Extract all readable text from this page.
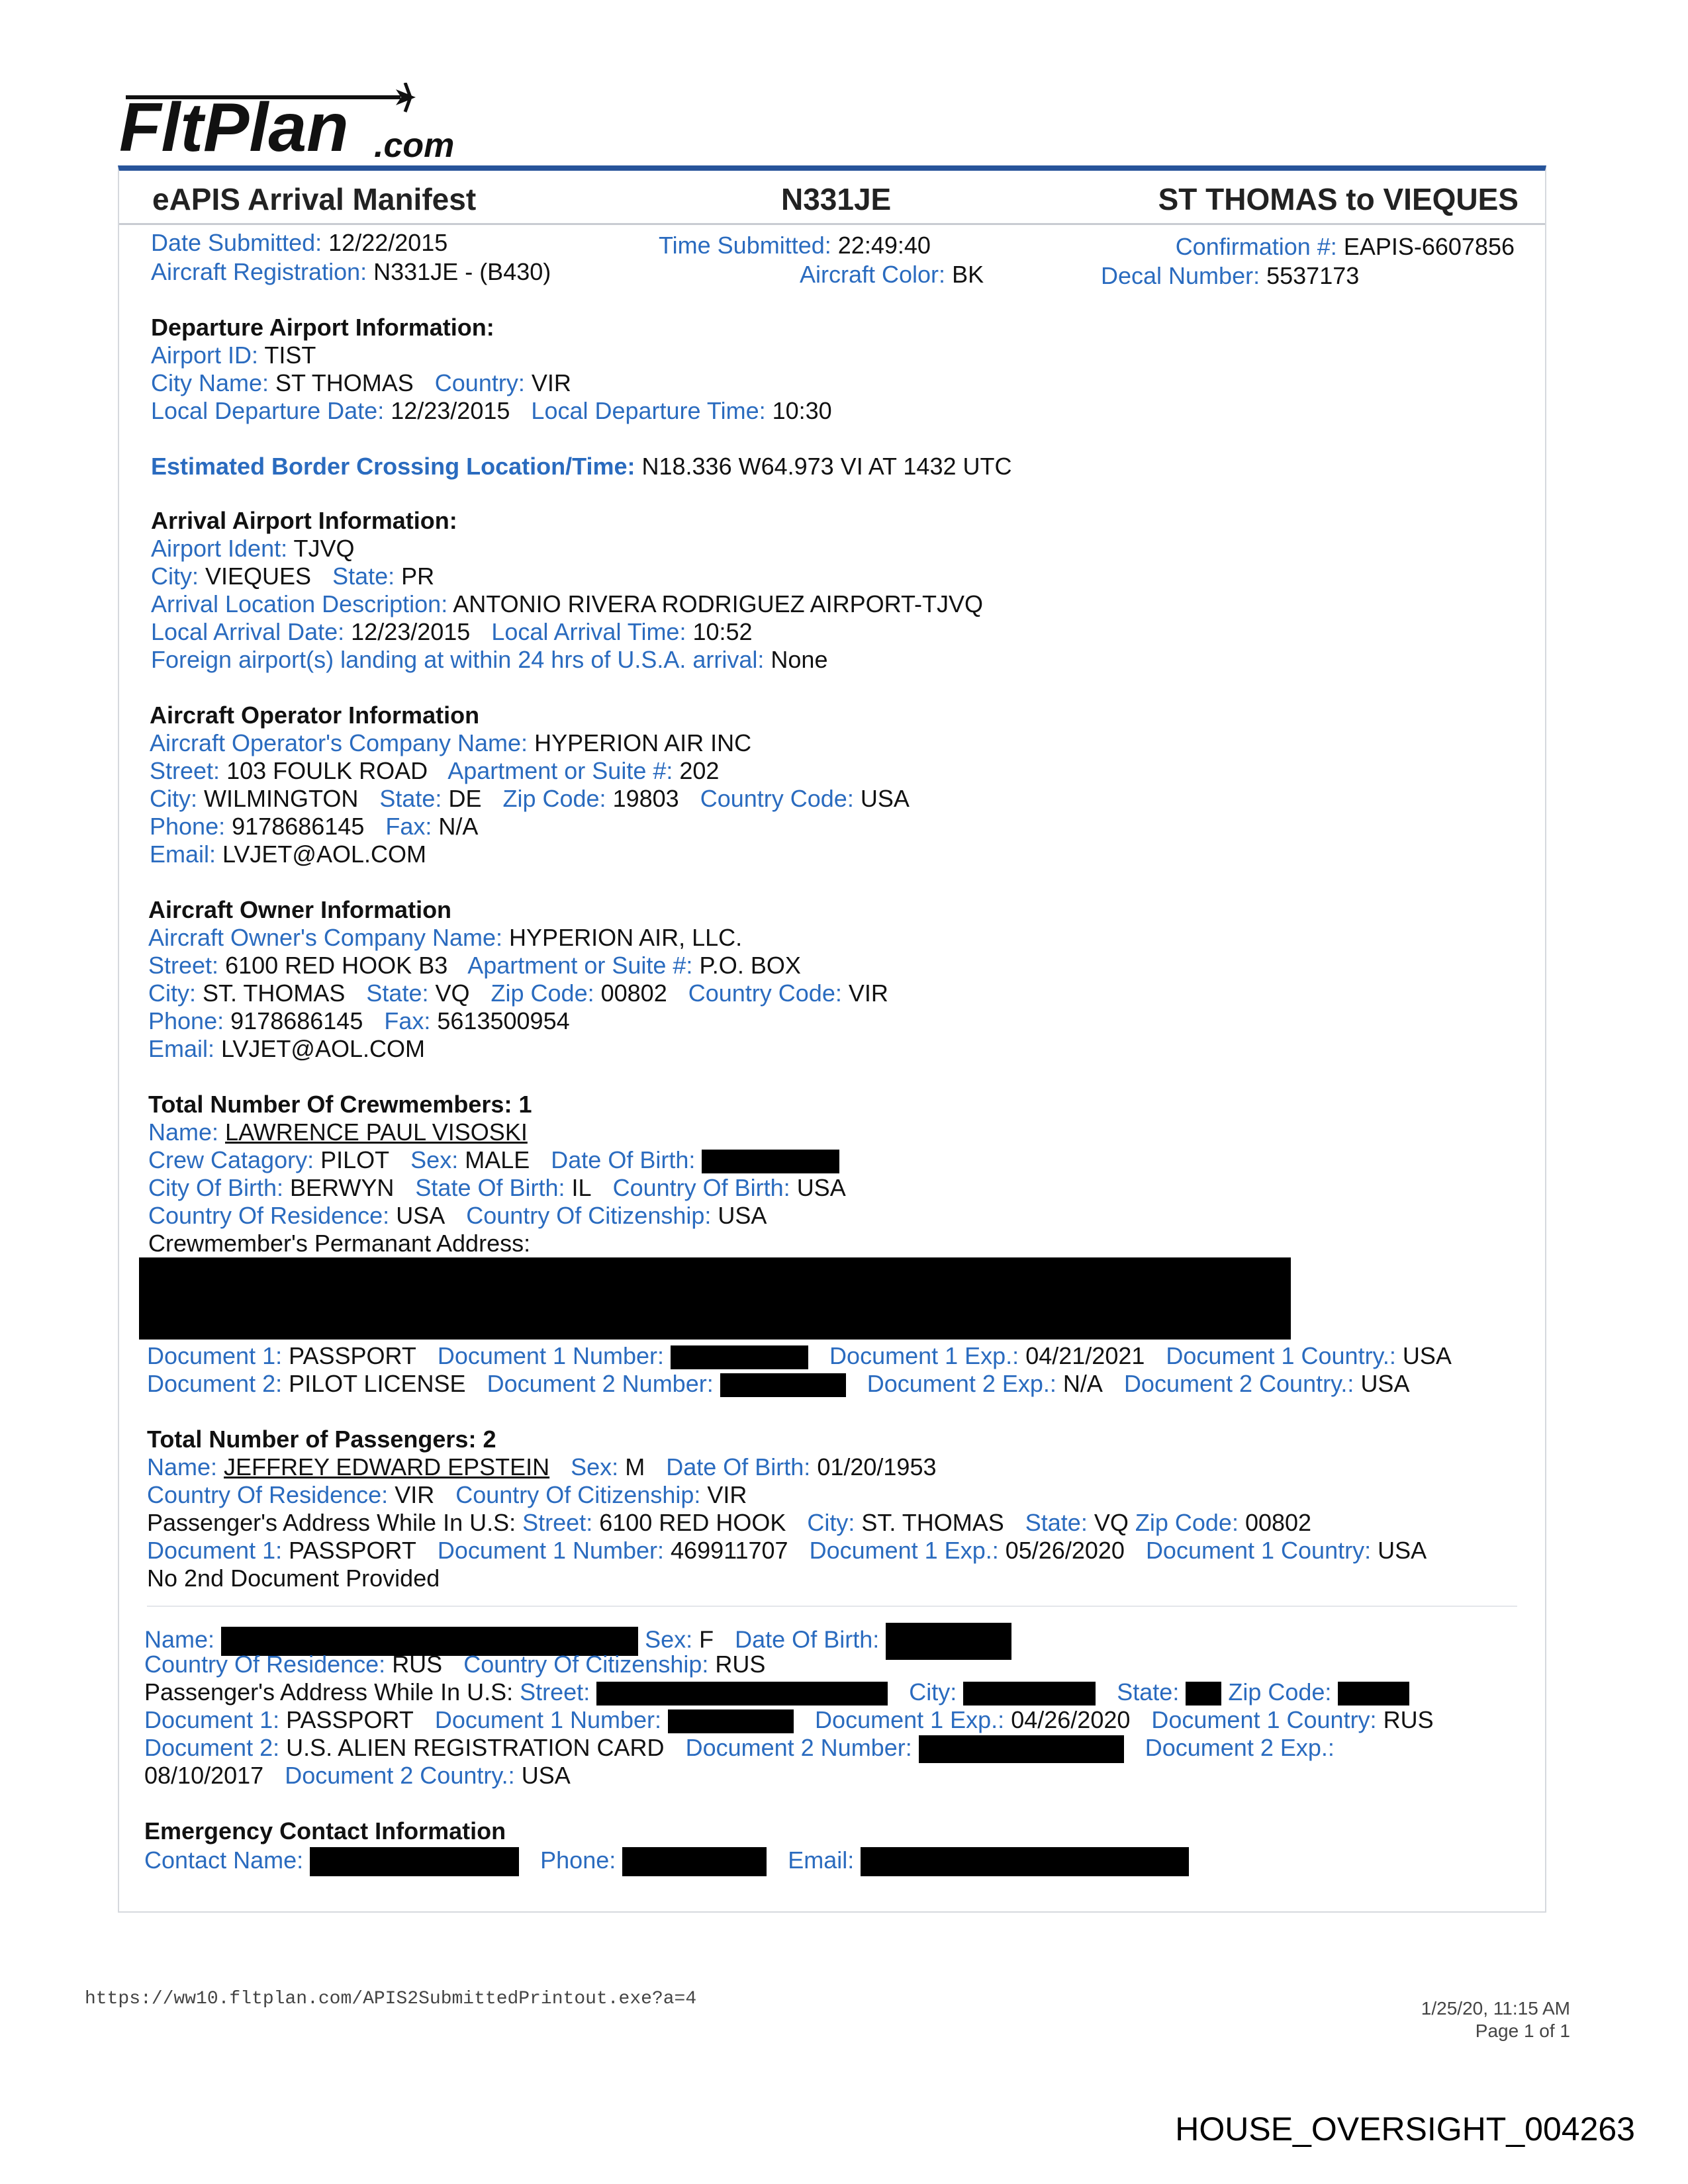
FltPlan .com
eAPIS Arrival Manifest	N331JE	ST THOMAS to VIEQUES
Date Submitted: 12/22/2015	Time Submitted: 22:49:40	Confirmation #: EAPIS-6607856
Aircraft Registration: N331JE - (B430)	Aircraft Color: BK	Decal Number: 5537173
Departure Airport Information:
Airport ID: TIST
City Name: ST THOMAS Country: VIR
Local Departure Date: 12/23/2015 Local Departure Time: 10:30
Estimated Border Crossing Location/Time: N18.336 W64.973 VI AT 1432 UTC
Arrival Airport Information:
Airport Ident: TJVQ
City: VIEQUES State: PR
Arrival Location Description: ANTONIO RIVERA RODRIGUEZ AIRPORT-TJVQ
Local Arrival Date: 12/23/2015 Local Arrival Time: 10:52
Foreign airport(s) landing at within 24 hrs of U.S.A. arrival: None
Aircraft Operator Information
Aircraft Operator's Company Name: HYPERION AIR INC
Street: 103 FOULK ROAD Apartment or Suite #: 202
City: WILMINGTON State: DE Zip Code: 19803 Country Code: USA
Phone: 9178686145 Fax: N/A
Email: LVJET@AOL.COM
Aircraft Owner Information
Aircraft Owner's Company Name: HYPERION AIR, LLC.
Street: 6100 RED HOOK B3 Apartment or Suite #: P.O. BOX
City: ST. THOMAS State: VQ Zip Code: 00802 Country Code: VIR
Phone: 9178686145 Fax: 5613500954
Email: LVJET@AOL.COM
Total Number Of Crewmembers: 1
Name: LAWRENCE PAUL VISOSKI
Crew Catagory: PILOT Sex: MALE Date Of Birth:
City Of Birth: BERWYN State Of Birth: IL Country Of Birth: USA
Country Of Residence: USA Country Of Citizenship: USA
Crewmember's Permanant Address:
Document 1: PASSPORT Document 1 Number:	Document 1 Exp.: 04/21/2021 Document 1 Country.: USA
Document 2: PILOT LICENSE Document 2 Number:	Document 2 Exp.: N/A Document 2 Country.: USA
Total Number of Passengers: 2
Name: JEFFREY EDWARD EPSTEIN Sex: M Date Of Birth: 01/20/1953
Country Of Residence: VIR Country Of Citizenship: VIR
Passenger's Address While In U.S: Street: 6100 RED HOOK City: ST. THOMAS State: VQ Zip Code: 00802
Document 1: PASSPORT Document 1 Number: 469911707 Document 1 Exp.: 05/26/2020 Document 1 Country: USA
No 2nd Document Provided
Name:	Sex: F Date Of Birth:
Country Of Residence: RUS Country Of Citizenship: RUS
Passenger's Address While In U.S: Street:	City:	State: Zip Code:
Document 1: PASSPORT Document 1 Number:	Document 1 Exp.: 04/26/2020 Document 1 Country: RUS
Document 2: U.S. ALIEN REGISTRATION CARD Document 2 Number:	Document 2 Exp.:
08/10/2017 Document 2 Country.: USA
Emergency Contact Information
Contact Name:	Phone:	Email:
https://ww10.fltplan.com/APIS2SubmittedPrintout.exe?a=4	1/25/20, 11:15 AM
Page 1 of 1
HOUSE_OVERSIGHT_004263
